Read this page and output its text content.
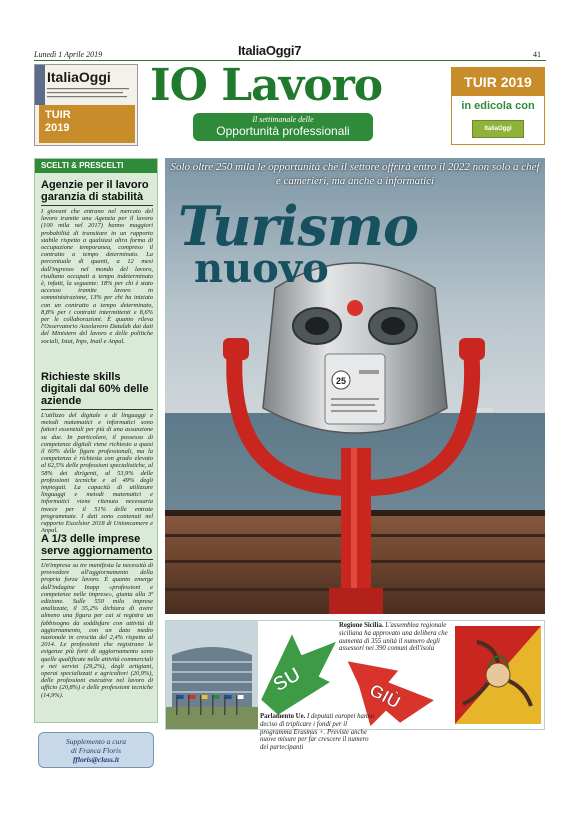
Lunedì 1 Aprile 2019	ItaliaOggi7	41
ItaliaOggi
TUIR
2019
IO Lavoro
Il settimanale delle
Opportunità professionali
TUIR 2019
in edicola con
ItaliaOggi
SCELTI & PRESCELTI
Agenzie per il lavoro garanzia di stabilità
I giovani che entrano nel mercato del lavoro tramite una Agenzia per il lavoro (100 mila nel 2017) hanno maggiori probabilità di transitare in un rapporto stabile rispetto a qualsiasi altra forma di occupazione temporanea, compreso il contratto a tempo determinato. La percentuale di quanti, a 12 mesi dall'ingresso nel mondo del lavoro, risultano occupati a tempo indeterminato è, infatti, la seguente: 18% per chi è stato accesso tramite lavoro in somministrazione, 13% per chi ha iniziato con un contratto a tempo determinato, 8,8% per i contratti intermittenti e 8,6% per le collaborazioni. È quanto rileva l'Osservatorio Assolavoro Datalab dai dati del Ministero del lavoro e delle politiche sociali, Istat, Inps, Inail e Anpal.
Richieste skills digitali dal 60% delle aziende
L'utilizzo del digitale e di linguaggi e metodi matematici e informatici sono fattori essenziali per più di una assunzione su due. In particolare, il possesso di competenze digitali viene richiesto a quasi il 60% delle figure professionali, ma la competenza è richiesta con grado elevato al 62,5% delle professioni specialistiche, al 58% dei dirigenti, al 53,9% delle professioni tecniche e al 49% degli impiegati. La capacità di utilizzare linguaggi e metodi matematici e informatici viene ritenuta necessaria invece per il 51% delle entrate programmate. I dati sono contenuti nel rapporto Excelsior 2018 di Unioncamere e Anpal.
A 1/3 delle imprese serve aggiornamento
Un'impresa su tre manifesta la necessità di provvedere all'aggiornamento della propria forza lavoro. È quanto emerge dall'indagine Inapp «professioni e competenze nelle imprese», giunta alla 3ª edizione. Sulle 550 mila imprese analizzate, il 35,2% dichiara di avere almeno una figura per cui si registra un fabbisogno da soddisfare con attività di aggiornamento, con un dato medio nazionale in crescita del 2,4% rispetto al 2014. Le professioni che registrano le esigenze più forti di aggiornamento sono quelle qualificate nelle attività commerciali e nei servizi (29,2%), degli artigiani, operai specializzati e agricoltori (20,9%), delle professioni esecutive nel lavoro di ufficio (20,8%) e delle professioni tecniche (14,9%).
Supplemento a cura
di Franca Floris
ffloris@class.it
25
Solo oltre 250 mila le opportunità che il settore offrirà entro il 2022 non solo a chef e camerieri, ma anche a informatici
Turismo
nuovo
SU	GIÙ
Regione Sicilia. L'assemblea regionale siciliana ha approvato una delibera che aumenta di 355 unità il numero degli assessori nei 390 comuni dell'isola
Parlamento Ue. I deputati europei hanno deciso di triplicare i fondi per il programma Erasmus +. Previste anche nuove misure per far crescere il numero dei partecipanti
